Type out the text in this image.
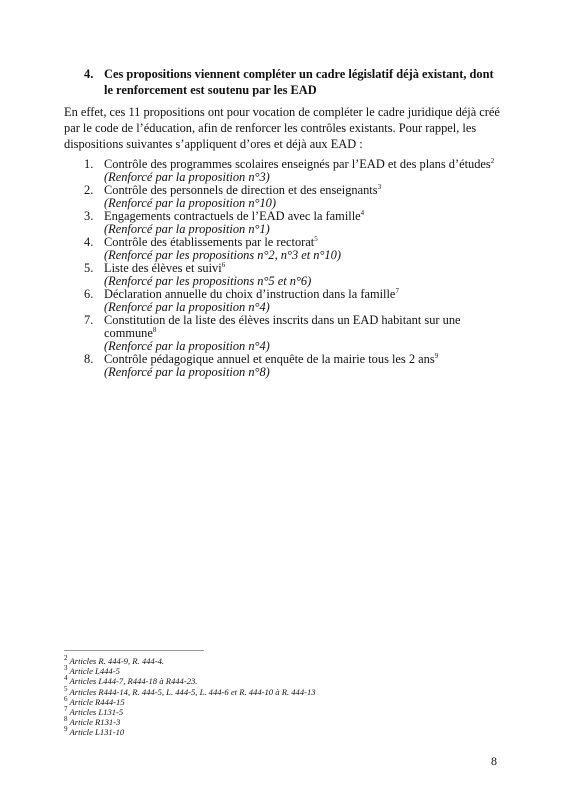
4. Ces propositions viennent compléter un cadre législatif déjà existant, dont le renforcement est soutenu par les EAD

En effet, ces 11 propositions ont pour vocation de compléter le cadre juridique déjà créé par le code de l’éducation, afin de renforcer les contrôles existants. Pour rappel, les dispositions suivantes s’appliquent d’ores et déjà aux EAD :

1. Contrôle des programmes scolaires enseignés par l’EAD et des plans d’études$^2$
(Renforcé par la proposition n°3)
2. Contrôle des personnels de direction et des enseignants$^3$
(Renforcé par la proposition n°10)
3. Engagements contractuels de l’EAD avec la famille$^4$
(Renforcé par la proposition n°1)
4. Contrôle des établissements par le rectorat$^5$
(Renforcé par les propositions n°2, n°3 et n°10)
5. Liste des élèves et suivi$^6$
(Renforcé par les propositions n°5 et n°6)
6. Déclaration annuelle du choix d’instruction dans la famille$^7$
(Renforcé par la proposition n°4)
7. Constitution de la liste des élèves inscrits dans un EAD habitant sur une commune$^8$
(Renforcé par la proposition n°4)
8. Contrôle pédagogique annuel et enquête de la mairie tous les 2 ans$^9$
(Renforcé par la proposition n°8)
$^2$ Articles R. 444-9, R. 444-4.
$^3$ Article L444-5
$^4$ Articles L444-7, R444-18 à R444-23.
$^5$ Articles R444-14, R. 444-5, L. 444-5, L. 444-6 et R. 444-10 à R. 444-13
$^6$ Article R444-15
$^7$ Articles L131-5
$^8$ Article R131-3
$^9$ Article L131-10
8
